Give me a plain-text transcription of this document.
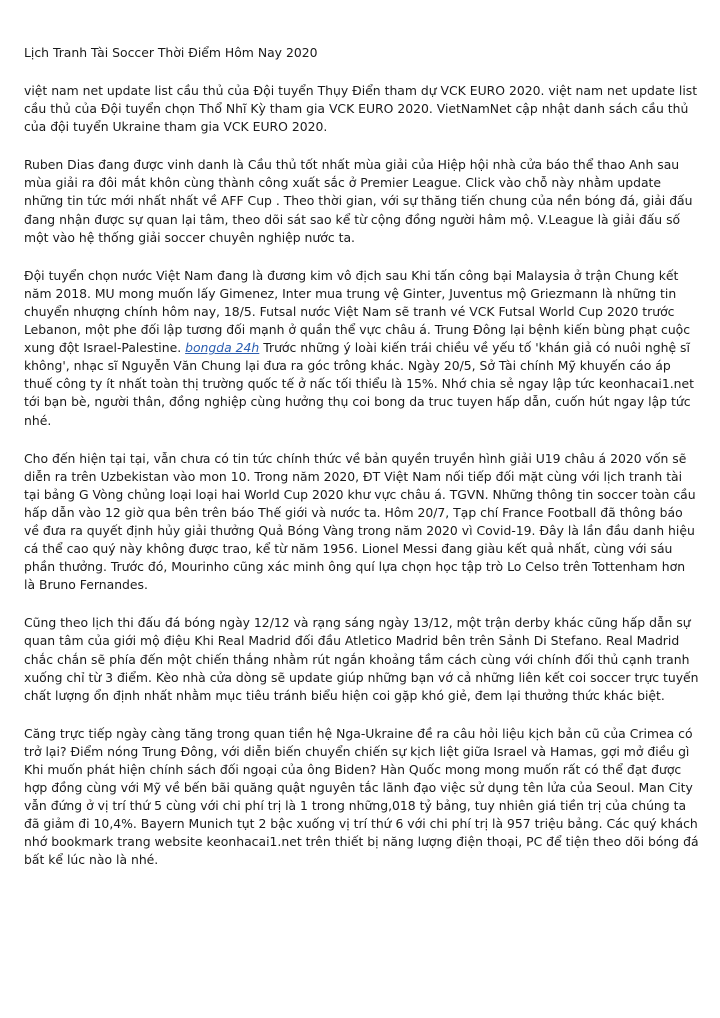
Lịch Tranh Tài Soccer Thời Điểm Hôm Nay 2020

việt nam net update list cầu thủ của Đội tuyển Thụy Điển tham dự VCK EURO 2020. việt nam net update list cầu thủ của Đội tuyển chọn Thổ Nhĩ Kỳ tham gia VCK EURO 2020. VietNamNet cập nhật danh sách cầu thủ của đội tuyển Ukraine tham gia VCK EURO 2020.

Ruben Dias đang được vinh danh là Cầu thủ tốt nhất mùa giải của Hiệp hội nhà cửa báo thể thao Anh sau mùa giải ra đôi mắt khôn cùng thành công xuất sắc ở Premier League. Click vào chỗ này nhằm update những tin tức mới nhất nhất về AFF Cup . Theo thời gian, với sự thăng tiến chung của nền bóng đá, giải đấu đang nhận được sự quan lại tâm, theo dõi sát sao kể từ cộng đồng người hâm mộ. V.League là giải đấu số một vào hệ thống giải soccer chuyên nghiệp nước ta.

Đội tuyển chọn nước Việt Nam đang là đương kim vô địch sau Khi tấn công bại Malaysia ở trận Chung kết năm 2018. MU mong muốn lấy Gimenez, Inter mua trung vệ Ginter, Juventus mộ Griezmann là những tin chuyển nhượng chính hôm nay, 18/5. Futsal nước Việt Nam sẽ tranh vé VCK Futsal World Cup 2020 trước Lebanon, một phe đối lập tương đối mạnh ở quần thể vực châu á. Trung Đông lại bệnh kiến bùng phạt cuộc xung đột Israel-Palestine. bongda 24h Trước những ý loài kiến trái chiều về yếu tố 'khán giả có nuôi nghệ sĩ không', nhạc sĩ Nguyễn Văn Chung lại đưa ra góc trông khác. Ngày 20/5, Sở Tài chính Mỹ khuyến cáo áp thuế công ty ít nhất toàn thị trường quốc tế ở nấc tối thiểu là 15%. Nhớ chia sẻ ngay lập tức keonhacai1.net tới bạn bè, người thân, đồng nghiệp cùng hưởng thụ coi bong da truc tuyen hấp dẫn, cuốn hút ngay lập tức nhé.

Cho đến hiện tại tại, vẫn chưa có tin tức chính thức về bản quyền truyền hình giải U19 châu á 2020 vốn sẽ diễn ra trên Uzbekistan vào mon 10. Trong năm 2020, ĐT Việt Nam nối tiếp đối mặt cùng với lịch tranh tài tại bảng G Vòng chủng loại loại hai World Cup 2020 khư vực châu á. TGVN. Những thông tin soccer toàn cầu hấp dẫn vào 12 giờ qua bên trên báo Thế giới và nước ta. Hôm 20/7, Tạp chí France Football đã thông báo về đưa ra quyết định hủy giải thưởng Quả Bóng Vàng trong năm 2020 vì Covid-19. Đây là lần đầu danh hiệu cá thể cao quý này không được trao, kể từ năm 1956. Lionel Messi đang giàu kết quả nhất, cùng với sáu phần thưởng. Trước đó, Mourinho cũng xác minh ông quí lựa chọn học tập trò Lo Celso trên Tottenham hơn là Bruno Fernandes.

Cũng theo lịch thi đấu đá bóng ngày 12/12 và rạng sáng ngày 13/12, một trận derby khác cũng hấp dẫn sự quan tâm của giới mộ điệu Khi Real Madrid đối đầu Atletico Madrid bên trên Sảnh Di Stefano. Real Madrid chắc chắn sẽ phía đến một chiến thắng nhằm rút ngắn khoảng tầm cách cùng với chính đối thủ cạnh tranh xuống chỉ từ 3 điểm. Kèo nhà cửa dòng sẽ update giúp những bạn vớ cả những liên kết coi soccer trực tuyến chất lượng ổn định nhất nhằm mục tiêu tránh biểu hiện coi gặp khó giẻ, đem lại thưởng thức khác biệt.

Căng trực tiếp ngày càng tăng trong quan tiền hệ Nga-Ukraine đề ra câu hỏi liệu kịch bản cũ của Crimea có trở lại? Điểm nóng Trung Đông, với diễn biến chuyển chiến sự kịch liệt giữa Israel và Hamas, gợi mở điều gì Khi muốn phát hiện chính sách đối ngoại của ông Biden? Hàn Quốc mong mong muốn rất có thể đạt được hợp đồng cùng với Mỹ về bến bãi quăng quật nguyên tắc lãnh đạo việc sử dụng tên lửa của Seoul. Man City vẫn đứng ở vị trí thứ 5 cùng với chi phí trị là 1 trong những,018 tỷ bảng, tuy nhiên giá tiền trị của chúng ta đã giảm đi 10,4%. Bayern Munich tụt 2 bậc xuống vị trí thứ 6 với chi phí trị là 957 triệu bảng. Các quý khách nhớ bookmark trang website keonhacai1.net trên thiết bị năng lượng điện thoại, PC để tiện theo dõi bóng đá bất kể lúc nào là nhé.
